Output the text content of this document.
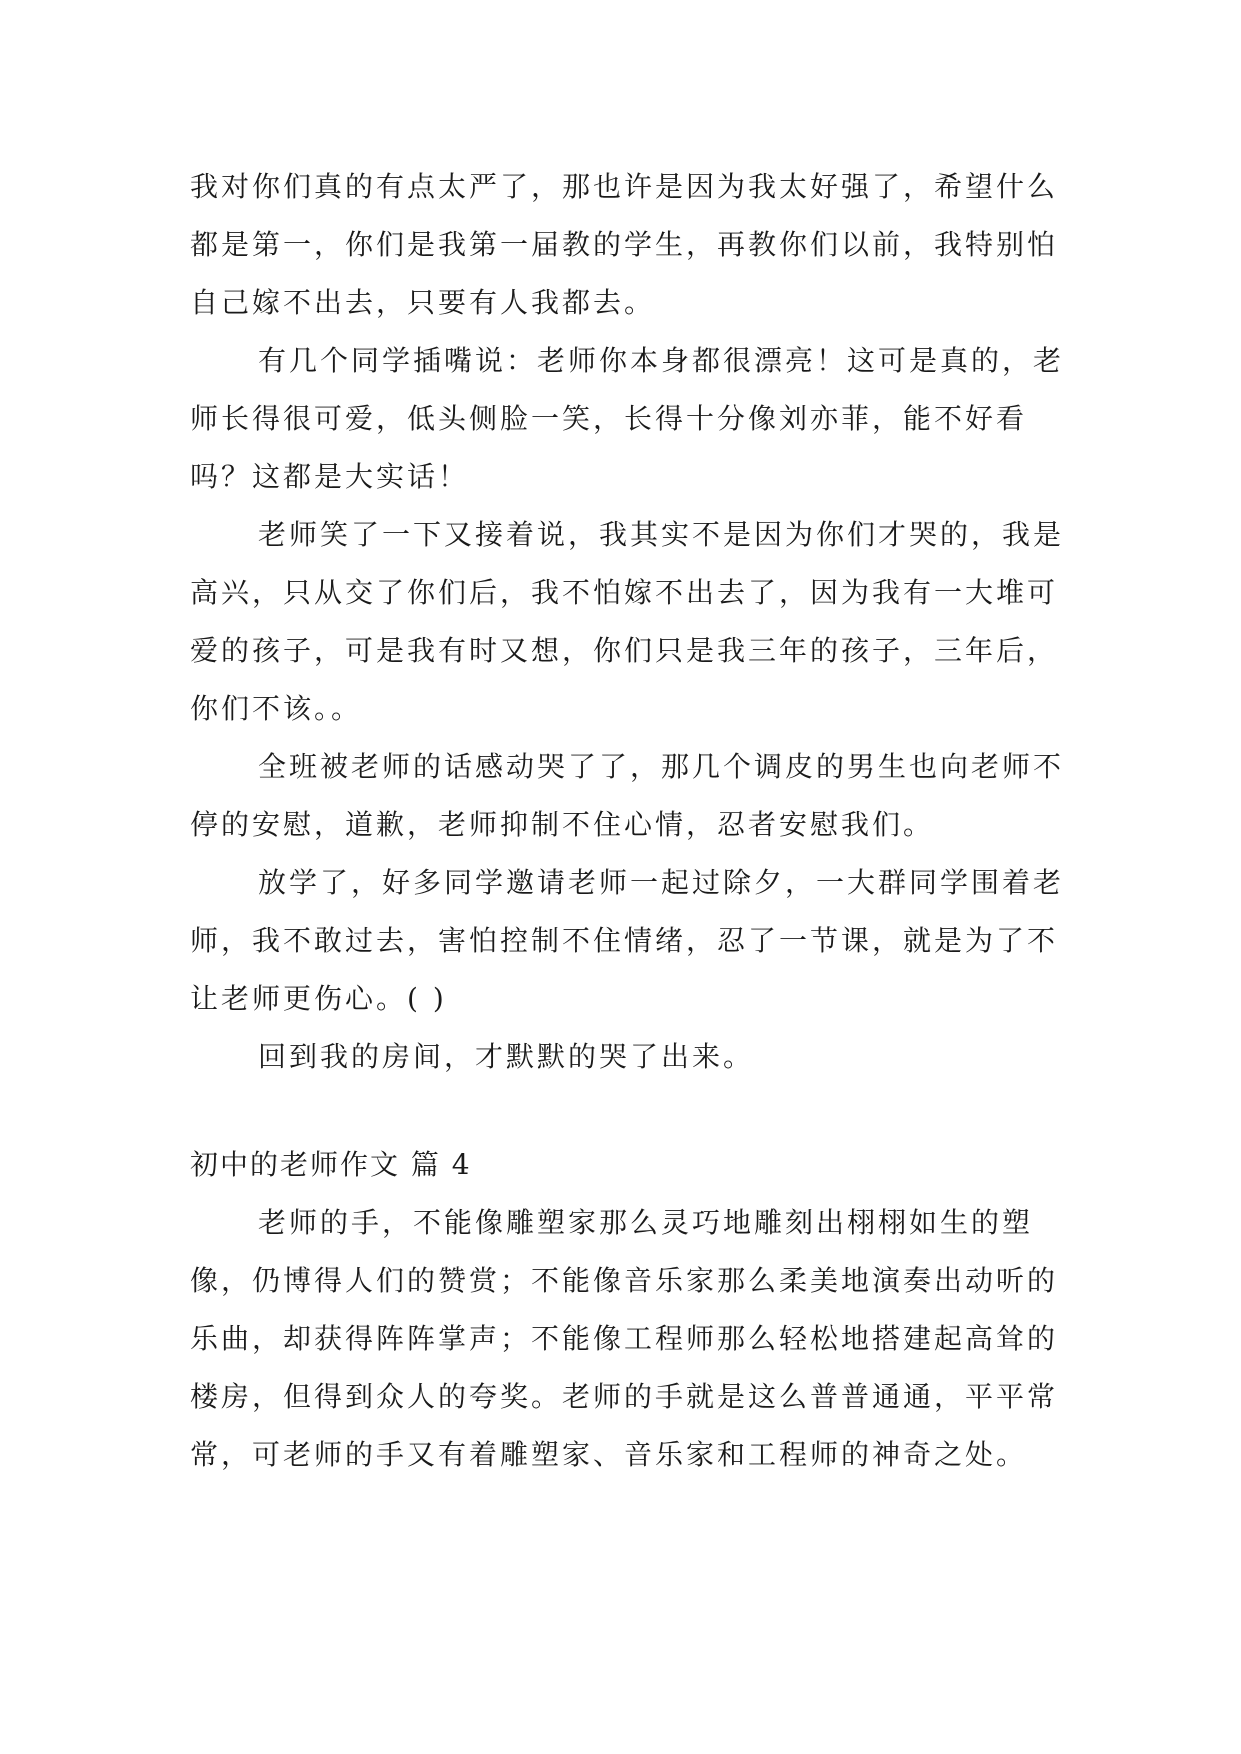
我对你们真的有点太严了，那也许是因为我太好强了，希望什么都是第一，你们是我第一届教的学生，再教你们以前，我特别怕自己嫁不出去，只要有人我都去。

有几个同学插嘴说：老师你本身都很漂亮！这可是真的，老师长得很可爱，低头侧脸一笑，长得十分像刘亦菲，能不好看吗？这都是大实话！

老师笑了一下又接着说，我其实不是因为你们才哭的，我是高兴，只从交了你们后，我不怕嫁不出去了，因为我有一大堆可爱的孩子，可是我有时又想，你们只是我三年的孩子，三年后，你们不该。。

全班被老师的话感动哭了了，那几个调皮的男生也向老师不停的安慰，道歉，老师抑制不住心情，忍者安慰我们。

放学了，好多同学邀请老师一起过除夕，一大群同学围着老师，我不敢过去，害怕控制不住情绪，忍了一节课，就是为了不让老师更伤心。( )

回到我的房间，才默默的哭了出来。

初中的老师作文 篇 4

老师的手，不能像雕塑家那么灵巧地雕刻出栩栩如生的塑像，仍博得人们的赞赏；不能像音乐家那么柔美地演奏出动听的乐曲，却获得阵阵掌声；不能像工程师那么轻松地搭建起高耸的楼房，但得到众人的夸奖。老师的手就是这么普普通通，平平常常，可老师的手又有着雕塑家、音乐家和工程师的神奇之处。
